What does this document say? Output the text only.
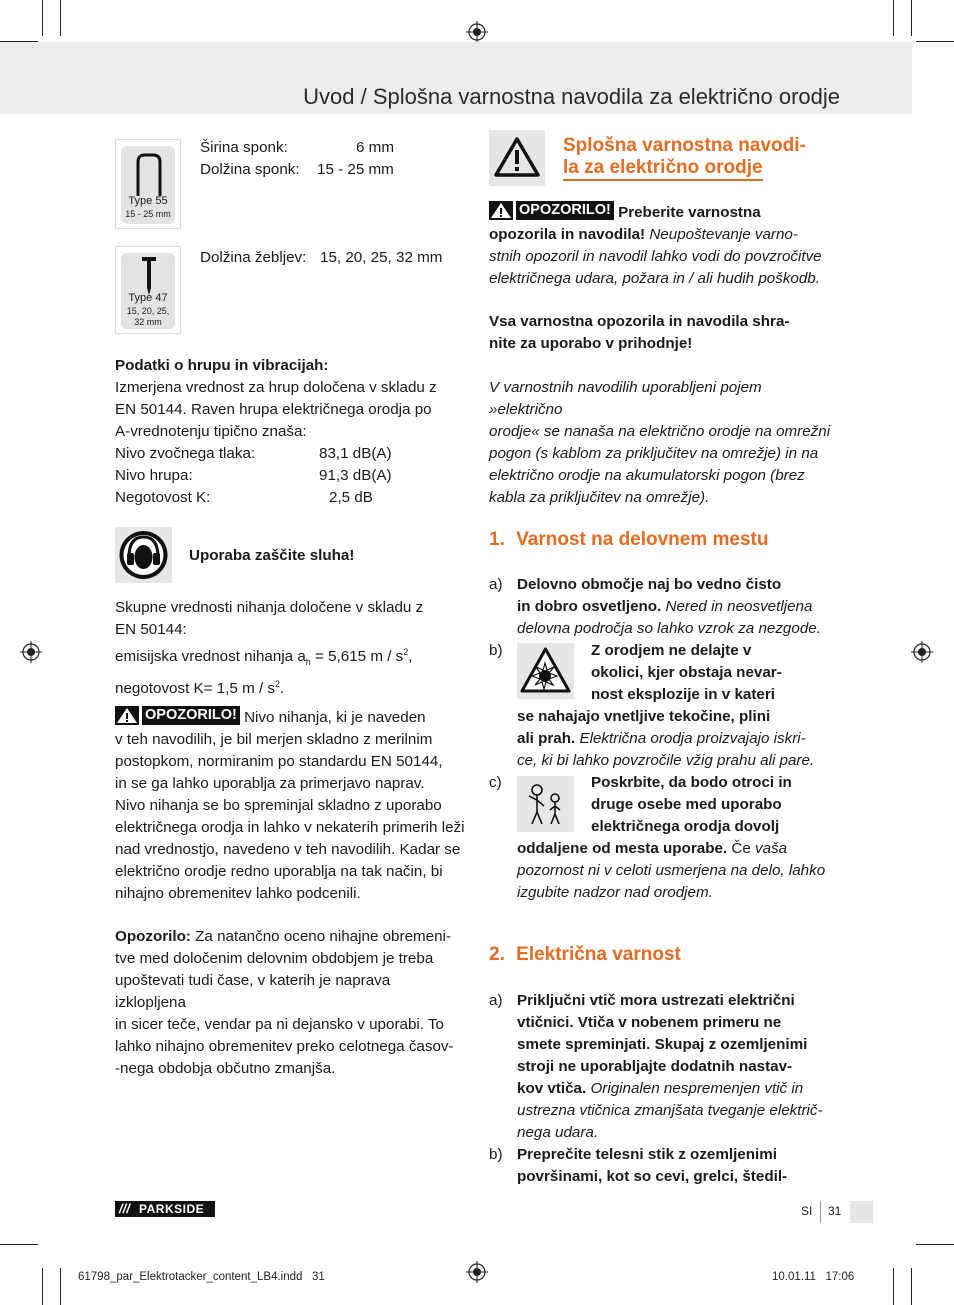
Uvod / Splošna varnostna navodila za električno orodje
Type 55
15 - 25 mm
Širina sponk:	6 mm
Dolžina sponk: 15 - 25 mm
Type 47
15, 20, 25,
32 mm
Dolžina žebljev: 15, 20, 25, 32 mm

Podatki o hrupu in vibracijah:

Izmerjena vrednost za hrup določena v skladu z

EN 50144. Raven hrupa električnega orodja po

A-vrednotenju tipično znaša:

Nivo zvočnega tlaka:	83,1 dB(A)
Nivo hrupa:	91,3 dB(A)
Negotovost K:	2,5 dB
Uporaba zaščite sluha!

Skupne vrednosti nihanja določene v skladu z

EN 50144:

emisijska vrednost nihanja $a_h = 5,615$ m / $s^2$,

negotovost K= 1,5 m / $s^2$.

OPOZORILO! Nivo nihanja, ki je naveden

v teh navodilih, je bil merjen skladno z merilnim

postopkom, normiranim po standardu EN 50144,

in se ga lahko uporablja za primerjavo naprav.

Nivo nihanja se bo spreminjal skladno z uporabo

električnega orodja in lahko v nekaterih primerih leži

nad vrednostjo, navedeno v teh navodilih. Kadar se

električno orodje redno uporablja na tak način, bi

nihajno obremenitev lahko podcenili.

Opozorilo: Za natančno oceno nihajne obremeni-

tve med določenim delovnim obdobjem je treba

upoštevati tudi čase, v katerih je naprava izklopljena

in sicer teče, vendar pa ni dejansko v uporabi. To

lahko nihajno obremenitev preko celotnega časov-

-nega obdobja občutno zmanjša.

Splošna varnostna navodi-
la za električno orodje

OPOZORILO! Preberite varnostna

opozorila in navodila! Neupoštevanje varno-

stnih opozoril in navodil lahko vodi do povzročitve

električnega udara, požara in / ali hudih poškodb.

Vsa varnostna opozorila in navodila shra-

nite za uporabo v prihodnje!

V varnostnih navodilih uporabljeni pojem »električno

orodje« se nanaša na električno orodje na omrežni

pogon (s kablom za priključitev na omrežje) in na

električno orodje na akumulatorski pogon (brez

kabla za priključitev na omrežje).

1. Varnost na delovnem mestu
a) Delovno območje naj bo vedno čisto

in dobro osvetljeno. Nered in neosvetljena

delovna področja so lahko vzrok za nezgode.

b)	Z orodjem ne delajte v

okolici, kjer obstaja nevar-

nost eksplozije in v kateri

se nahajajo vnetljive tekočine, plini

ali prah. Električna orodja proizvajajo iskri-

ce, ki bi lahko povzročile vžig prahu ali pare.

c)	Poskrbite, da bodo otroci in

druge osebe med uporabo

električnega orodja dovolj

oddaljene od mesta uporabe. Če vaša

pozornost ni v celoti usmerjena na delo, lahko

izgubite nadzor nad orodjem.

2. Električna varnost
a) Priključni vtič mora ustrezati električni

vtičnici. Vtiča v nobenem primeru ne

smete spreminjati. Skupaj z ozemljenimi

stroji ne uporabljajte dodatnih nastav-

kov vtiča. Originalen nespremenjen vtič in

ustrezna vtičnica zmanjšata tveganje električ-

nega udara.

b) Preprečite telesni stik z ozemljenimi

površinami, kot so cevi, grelci, štedil-

/// PARKSIDE	SI 31
61798_par_Elektrotacker_content_LB4.indd   31	10.01.11   17:06
